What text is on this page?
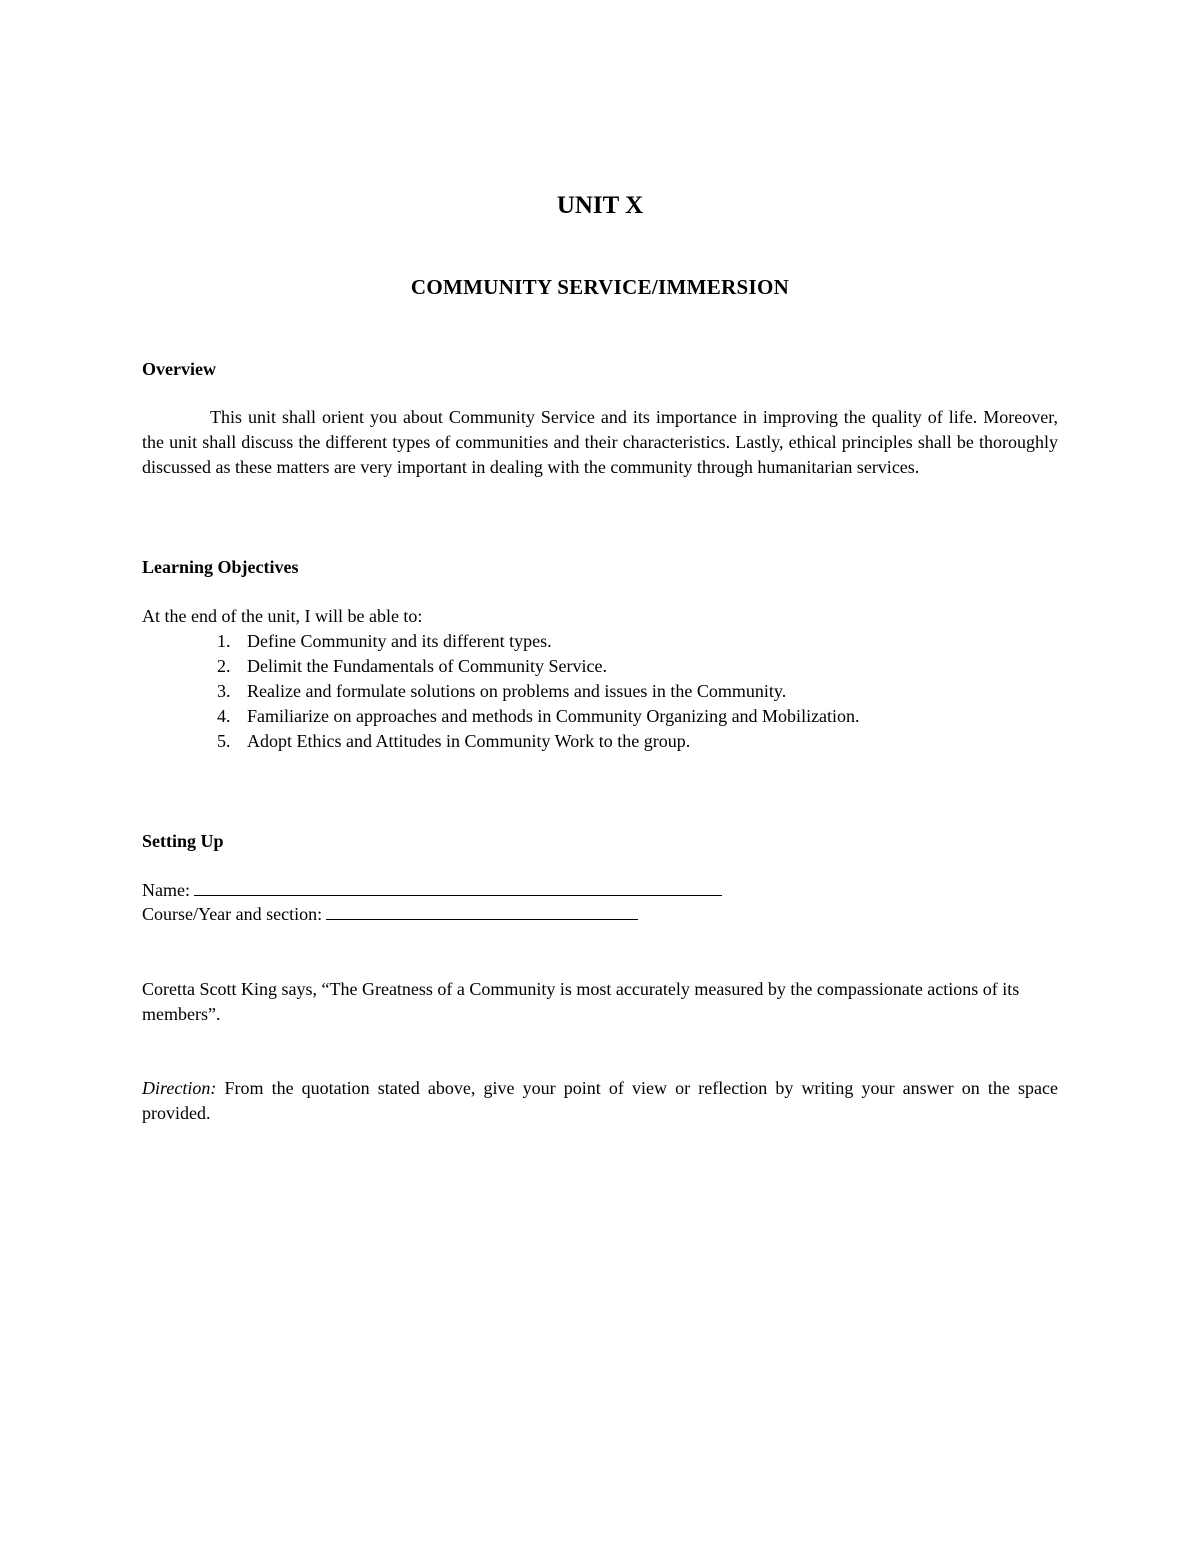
UNIT X
COMMUNITY SERVICE/IMMERSION
Overview

This unit shall orient you about Community Service and its importance in improving the quality of life. Moreover, the unit shall discuss the different types of communities and their characteristics. Lastly, ethical principles shall be thoroughly discussed as these matters are very important in dealing with the community through humanitarian services.

Learning Objectives

At the end of the unit, I will be able to:

1. Define Community and its different types.
2. Delimit the Fundamentals of Community Service.
3. Realize and formulate solutions on problems and issues in the Community.
4. Familiarize on approaches and methods in Community Organizing and Mobilization.
5. Adopt Ethics and Attitudes in Community Work to the group.
Setting Up

Name:

Course/Year and section:

Coretta Scott King says, “The Greatness of a Community is most accurately measured by the compassionate actions of its members”.

Direction: From the quotation stated above, give your point of view or reflection by writing your answer on the space provided.
